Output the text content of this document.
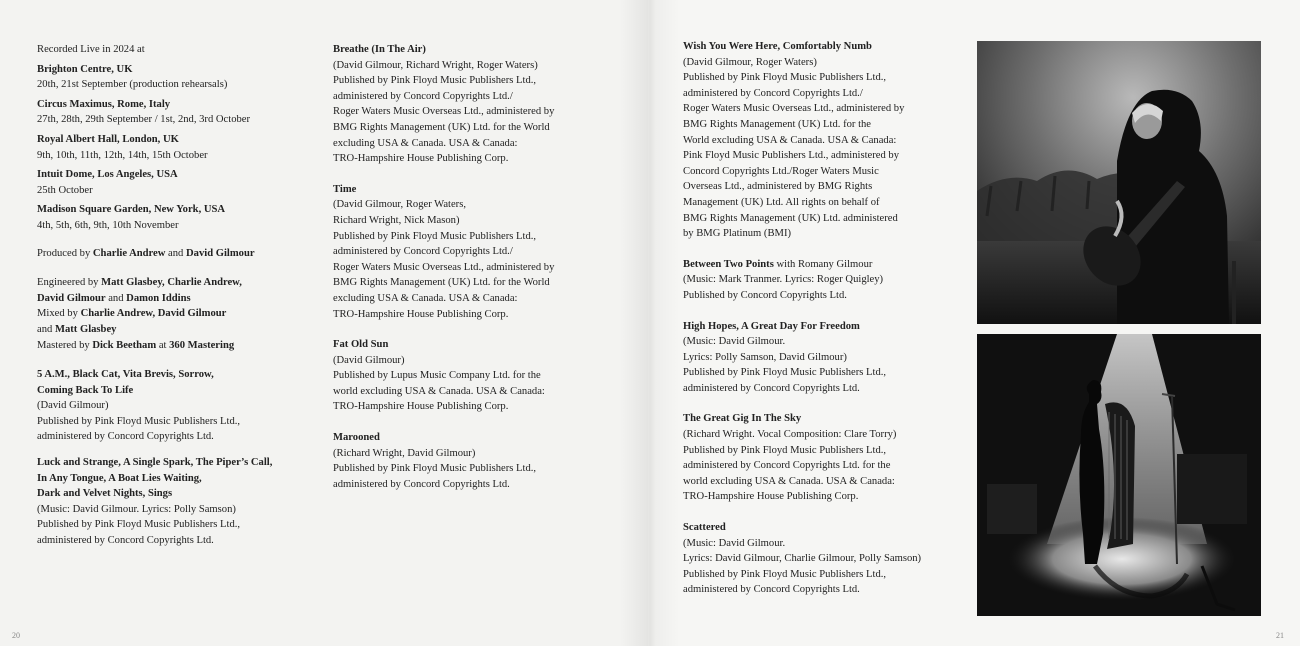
Recorded Live in 2024 at
Brighton Centre, UK
20th, 21st September (production rehearsals)
Circus Maximus, Rome, Italy
27th, 28th, 29th September / 1st, 2nd, 3rd October
Royal Albert Hall, London, UK
9th, 10th, 11th, 12th, 14th, 15th October
Intuit Dome, Los Angeles, USA
25th October
Madison Square Garden, New York, USA
4th, 5th, 6th, 9th, 10th November
Produced by Charlie Andrew and David Gilmour
Engineered by Matt Glasbey, Charlie Andrew,
David Gilmour and Damon Iddins
Mixed by Charlie Andrew, David Gilmour
and Matt Glasbey
Mastered by Dick Beetham at 360 Mastering
5 A.M., Black Cat, Vita Brevis, Sorrow,
Coming Back To Life
(David Gilmour)
Published by Pink Floyd Music Publishers Ltd.,
administered by Concord Copyrights Ltd.
Luck and Strange, A Single Spark, The Piper’s Call,
In Any Tongue, A Boat Lies Waiting,
Dark and Velvet Nights, Sings
(Music: David Gilmour. Lyrics: Polly Samson)
Published by Pink Floyd Music Publishers Ltd.,
administered by Concord Copyrights Ltd.
Breathe (In The Air)
(David Gilmour, Richard Wright, Roger Waters)
Published by Pink Floyd Music Publishers Ltd.,
administered by Concord Copyrights Ltd./
Roger Waters Music Overseas Ltd., administered by
BMG Rights Management (UK) Ltd. for the World
excluding USA & Canada. USA & Canada:
TRO-Hampshire House Publishing Corp.
Time
(David Gilmour, Roger Waters,
Richard Wright, Nick Mason)
Published by Pink Floyd Music Publishers Ltd.,
administered by Concord Copyrights Ltd./
Roger Waters Music Overseas Ltd., administered by
BMG Rights Management (UK) Ltd. for the World
excluding USA & Canada. USA & Canada:
TRO-Hampshire House Publishing Corp.
Fat Old Sun
(David Gilmour)
Published by Lupus Music Company Ltd. for the
world excluding USA & Canada. USA & Canada:
TRO-Hampshire House Publishing Corp.
Marooned
(Richard Wright, David Gilmour)
Published by Pink Floyd Music Publishers Ltd.,
administered by Concord Copyrights Ltd.
Wish You Were Here, Comfortably Numb
(David Gilmour, Roger Waters)
Published by Pink Floyd Music Publishers Ltd.,
administered by Concord Copyrights Ltd./
Roger Waters Music Overseas Ltd., administered by
BMG Rights Management (UK) Ltd. for the
World excluding USA & Canada. USA & Canada:
Pink Floyd Music Publishers Ltd., administered by
Concord Copyrights Ltd./Roger Waters Music
Overseas Ltd., administered by BMG Rights
Management (UK) Ltd. All rights on behalf of
BMG Rights Management (UK) Ltd. administered
by BMG Platinum (BMI)
Between Two Points with Romany Gilmour
(Music: Mark Tranmer. Lyrics: Roger Quigley)
Published by Concord Copyrights Ltd.
High Hopes, A Great Day For Freedom
(Music: David Gilmour.
Lyrics: Polly Samson, David Gilmour)
Published by Pink Floyd Music Publishers Ltd.,
administered by Concord Copyrights Ltd.
The Great Gig In The Sky
(Richard Wright. Vocal Composition: Clare Torry)
Published by Pink Floyd Music Publishers Ltd.,
administered by Concord Copyrights Ltd. for the
world excluding USA & Canada. USA & Canada:
TRO-Hampshire House Publishing Corp.
Scattered
(Music: David Gilmour.
Lyrics: David Gilmour, Charlie Gilmour, Polly Samson)
Published by Pink Floyd Music Publishers Ltd.,
administered by Concord Copyrights Ltd.
20	21
